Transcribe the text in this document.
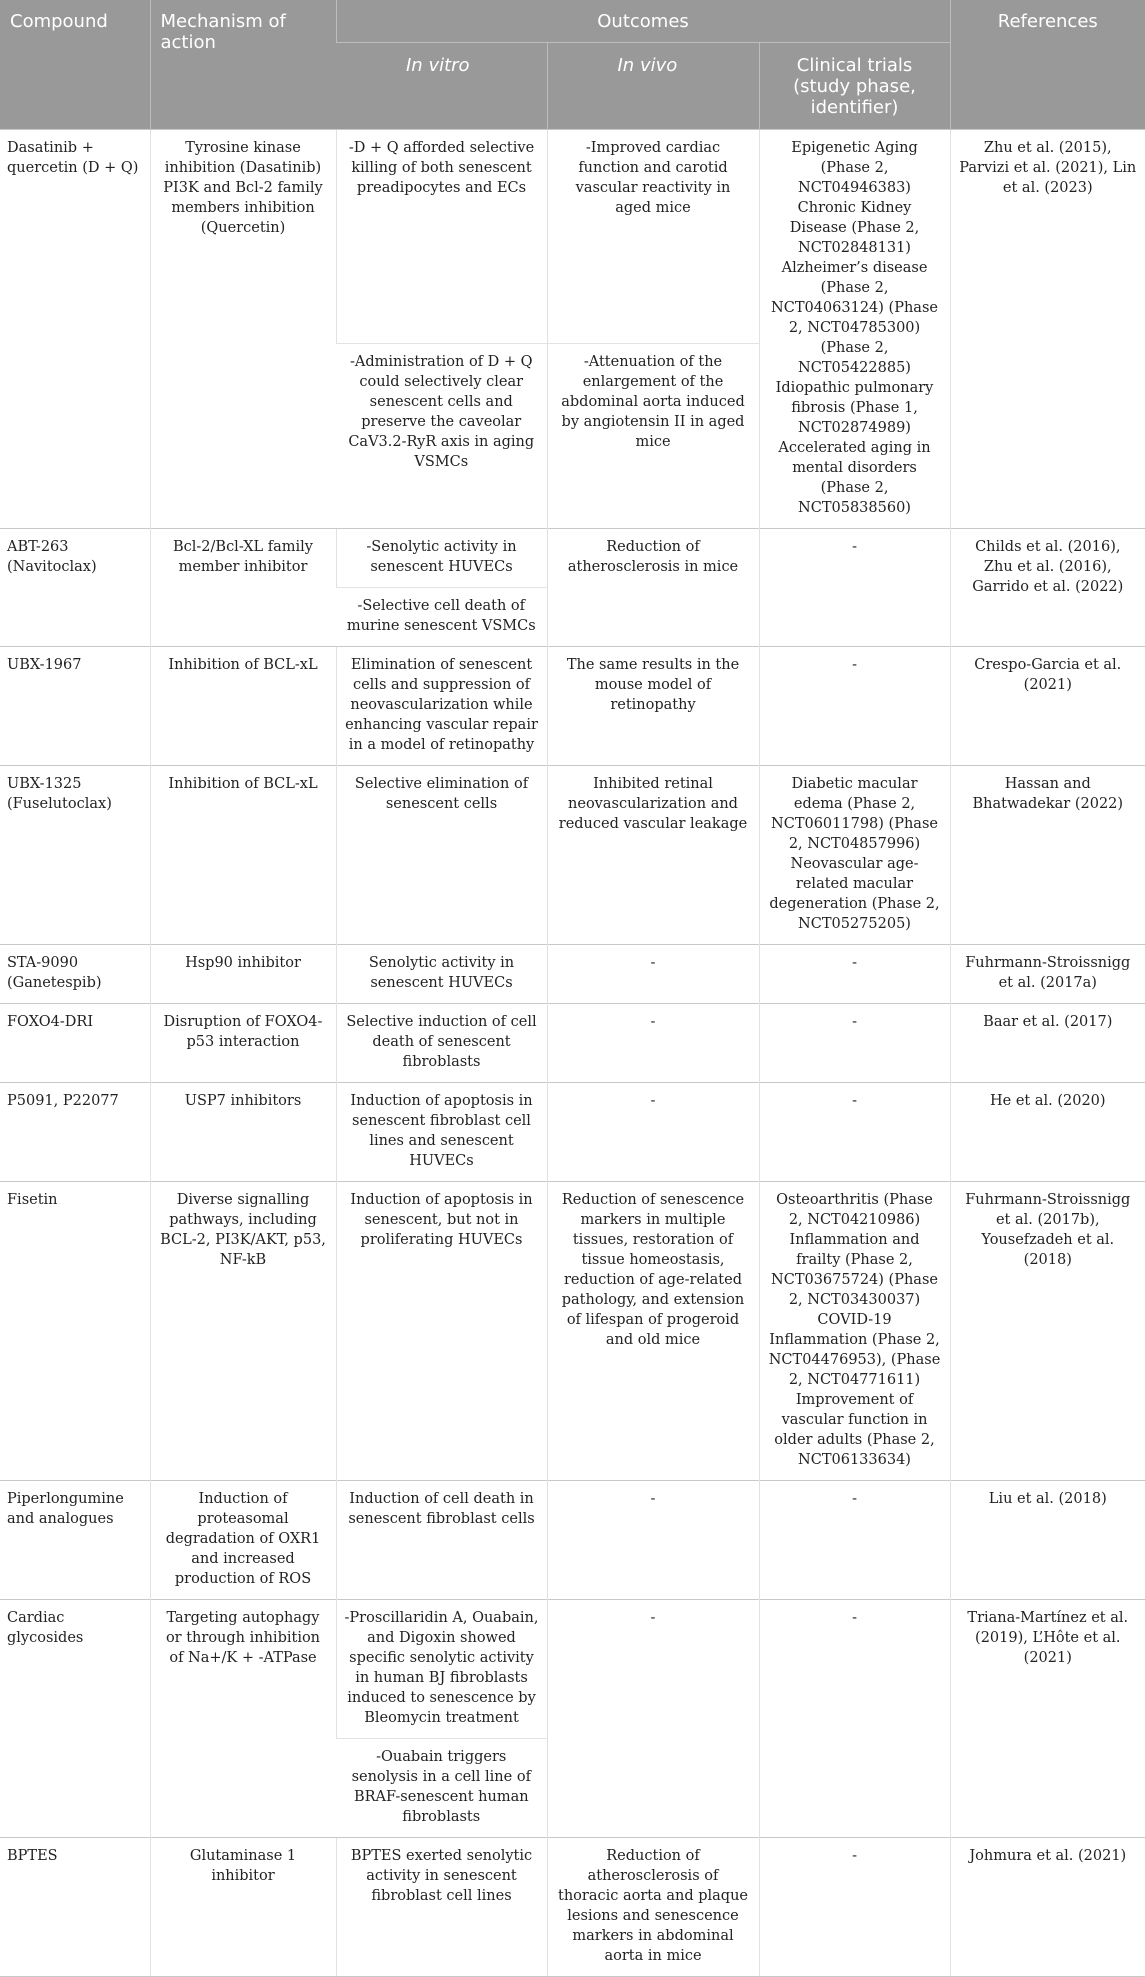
Compound	Mechanism of action	Outcomes			References
		In vitro	In vivo	Clinical trials (study phase, identifier)	
Dasatinib + quercetin (D + Q)	Tyrosine kinase inhibition (Dasatinib) PI3K and Bcl-2 family members inhibition (Quercetin)	-D + Q afforded selective killing of both senescent preadipocytes and ECs	-Improved cardiac function and carotid vascular reactivity in aged mice	Epigenetic Aging (Phase 2, NCT04946383) Chronic Kidney Disease (Phase 2, NCT02848131) Alzheimer’s disease (Phase 2, NCT04063124) (Phase 2, NCT04785300) (Phase 2, NCT05422885) Idiopathic pulmonary fibrosis (Phase 1, NCT02874989) Accelerated aging in mental disorders (Phase 2, NCT05838560)	Zhu et al. (2015), Parvizi et al. (2021), Lin et al. (2023)
		-Administration of D + Q could selectively clear senescent cells and preserve the caveolar CaV3.2-RyR axis in aging VSMCs	-Attenuation of the enlargement of the abdominal aorta induced by angiotensin II in aged mice		
ABT-263 (Navitoclax)	Bcl-2/Bcl-XL family member inhibitor	-Senolytic activity in senescent HUVECs	Reduction of atherosclerosis in mice	-	Childs et al. (2016), Zhu et al. (2016), Garrido et al. (2022)
		-Selective cell death of murine senescent VSMCs			
UBX-1967	Inhibition of BCL-xL	Elimination of senescent cells and suppression of neovascularization while enhancing vascular repair in a model of retinopathy	The same results in the mouse model of retinopathy	-	Crespo-Garcia et al. (2021)
UBX-1325 (Fuselutoclax)	Inhibition of BCL-xL	Selective elimination of senescent cells	Inhibited retinal neovascularization and reduced vascular leakage	Diabetic macular edema (Phase 2, NCT06011798) (Phase 2, NCT04857996) Neovascular age-related macular degeneration (Phase 2, NCT05275205)	Hassan and Bhatwadekar (2022)
STA-9090 (Ganetespib)	Hsp90 inhibitor	Senolytic activity in senescent HUVECs	-	-	Fuhrmann-Stroissnigg et al. (2017a)
FOXO4-DRI	Disruption of FOXO4-p53 interaction	Selective induction of cell death of senescent fibroblasts	-	-	Baar et al. (2017)
P5091, P22077	USP7 inhibitors	Induction of apoptosis in senescent fibroblast cell lines and senescent HUVECs	-	-	He et al. (2020)
Fisetin	Diverse signalling pathways, including BCL-2, PI3K/AKT, p53, NF-kB	Induction of apoptosis in senescent, but not in proliferating HUVECs	Reduction of senescence markers in multiple tissues, restoration of tissue homeostasis, reduction of age-related pathology, and extension of lifespan of progeroid and old mice	Osteoarthritis (Phase 2, NCT04210986) Inflammation and frailty (Phase 2, NCT03675724) (Phase 2, NCT03430037) COVID-19 Inflammation (Phase 2, NCT04476953), (Phase 2, NCT04771611) Improvement of vascular function in older adults (Phase 2, NCT06133634)	Fuhrmann-Stroissnigg et al. (2017b), Yousefzadeh et al. (2018)
Piperlongumine and analogues	Induction of proteasomal degradation of OXR1 and increased production of ROS	Induction of cell death in senescent fibroblast cells	-	-	Liu et al. (2018)
Cardiac glycosides	Targeting autophagy or through inhibition of Na+/K + -ATPase	-Proscillaridin A, Ouabain, and Digoxin showed specific senolytic activity in human BJ fibroblasts induced to senescence by Bleomycin treatment	-	-	Triana-Martínez et al. (2019), L’Hôte et al. (2021)
		-Ouabain triggers senolysis in a cell line of BRAF-senescent human fibroblasts			
BPTES	Glutaminase 1 inhibitor	BPTES exerted senolytic activity in senescent fibroblast cell lines	Reduction of atherosclerosis of thoracic aorta and plaque lesions and senescence markers in abdominal aorta in mice	-	Johmura et al. (2021)
